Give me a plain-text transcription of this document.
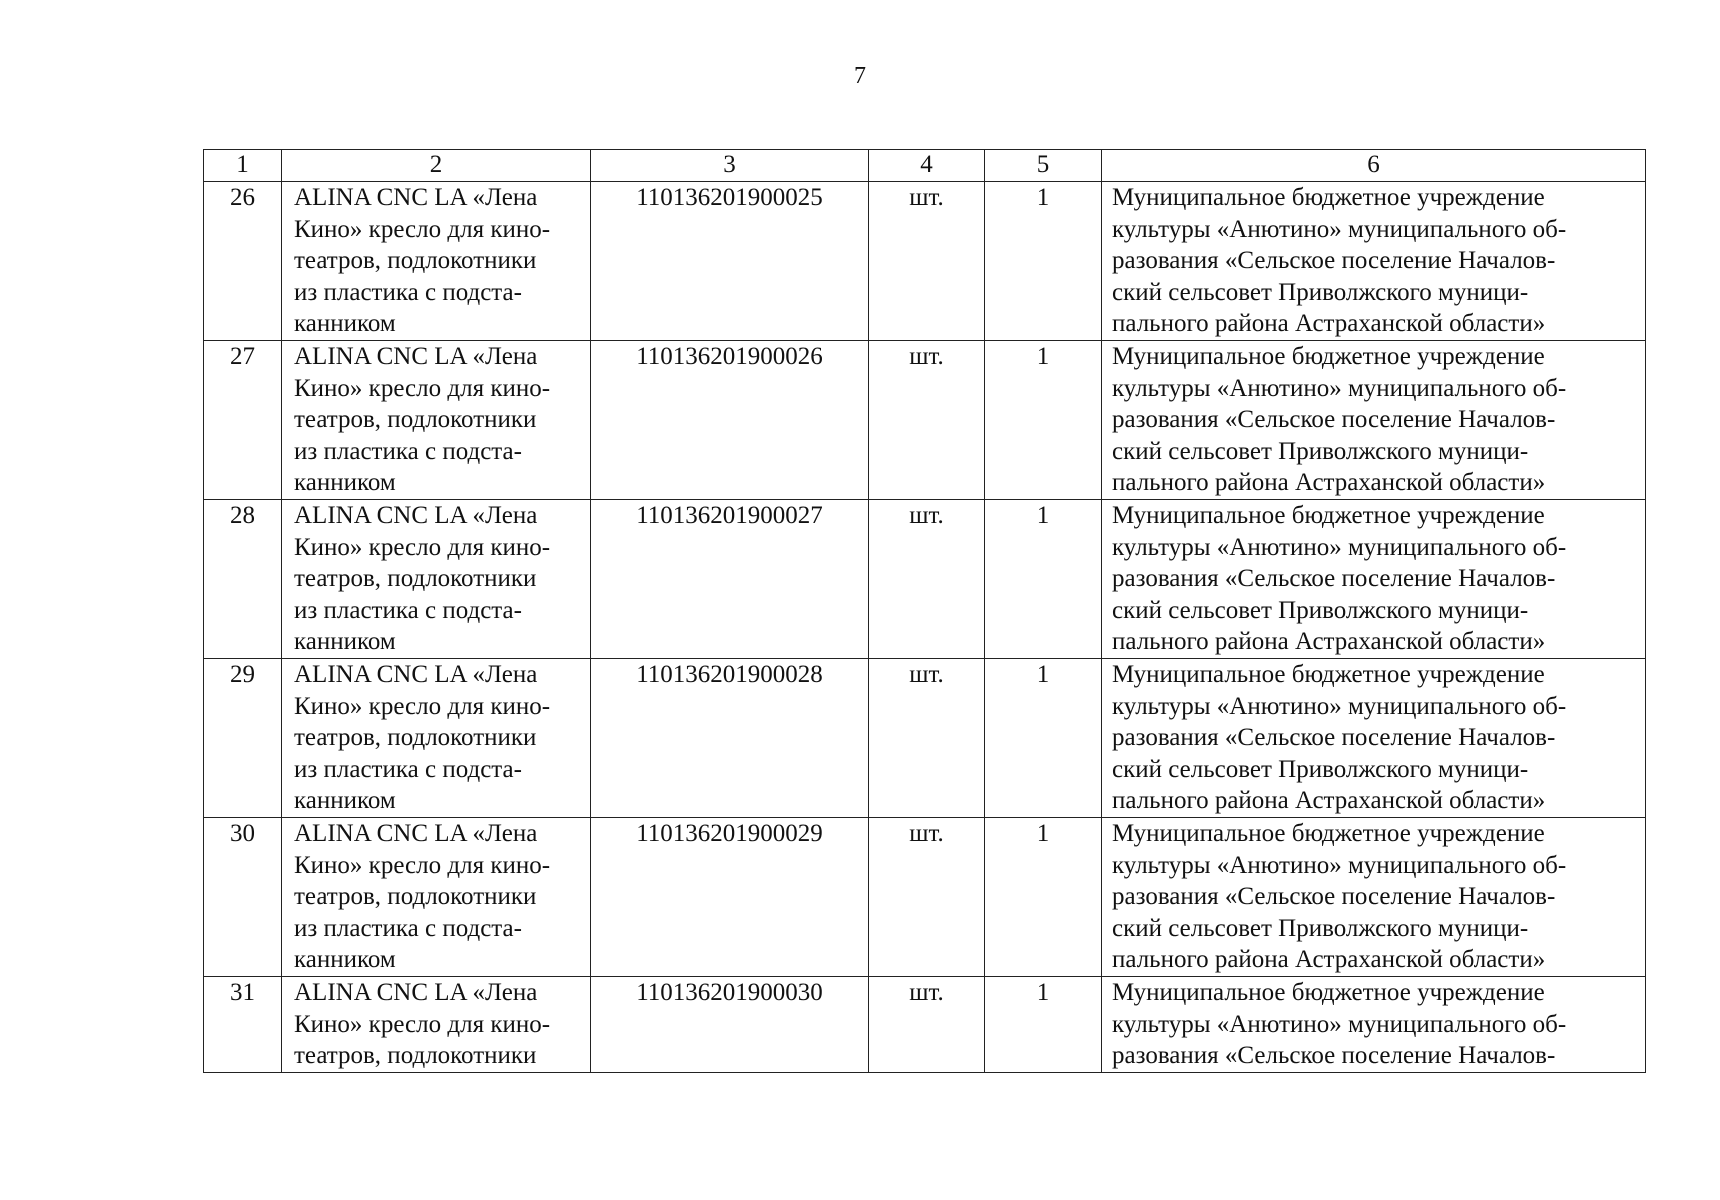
7
1	2	3	4	5	6
26	ALINA CNC LA «Лена
Кино» кресло для кино-
театров, подлокотники
из пластика с подста-
канником	110136201900025	шт.	1	Муниципальное бюджетное учреждение
культуры «Анютино» муниципального об-
разования «Сельское поселение Началов-
ский сельсовет Приволжского муници-
пального района Астраханской области»

27	ALINA CNC LA «Лена
Кино» кресло для кино-
театров, подлокотники
из пластика с подста-
канником	110136201900026	шт.	1	Муниципальное бюджетное учреждение
культуры «Анютино» муниципального об-
разования «Сельское поселение Началов-
ский сельсовет Приволжского муници-
пального района Астраханской области»

28	ALINA CNC LA «Лена
Кино» кресло для кино-
театров, подлокотники
из пластика с подста-
канником	110136201900027	шт.	1	Муниципальное бюджетное учреждение
культуры «Анютино» муниципального об-
разования «Сельское поселение Началов-
ский сельсовет Приволжского муници-
пального района Астраханской области»

29	ALINA CNC LA «Лена
Кино» кресло для кино-
театров, подлокотники
из пластика с подста-
канником	110136201900028	шт.	1	Муниципальное бюджетное учреждение
культуры «Анютино» муниципального об-
разования «Сельское поселение Началов-
ский сельсовет Приволжского муници-
пального района Астраханской области»

30	ALINA CNC LA «Лена
Кино» кресло для кино-
театров, подлокотники
из пластика с подста-
канником	110136201900029	шт.	1	Муниципальное бюджетное учреждение
культуры «Анютино» муниципального об-
разования «Сельское поселение Началов-
ский сельсовет Приволжского муници-
пального района Астраханской области»

31	ALINA CNC LA «Лена
Кино» кресло для кино-
театров, подлокотники	110136201900030	шт.	1	Муниципальное бюджетное учреждение
культуры «Анютино» муниципального об-
разования «Сельское поселение Началов-
